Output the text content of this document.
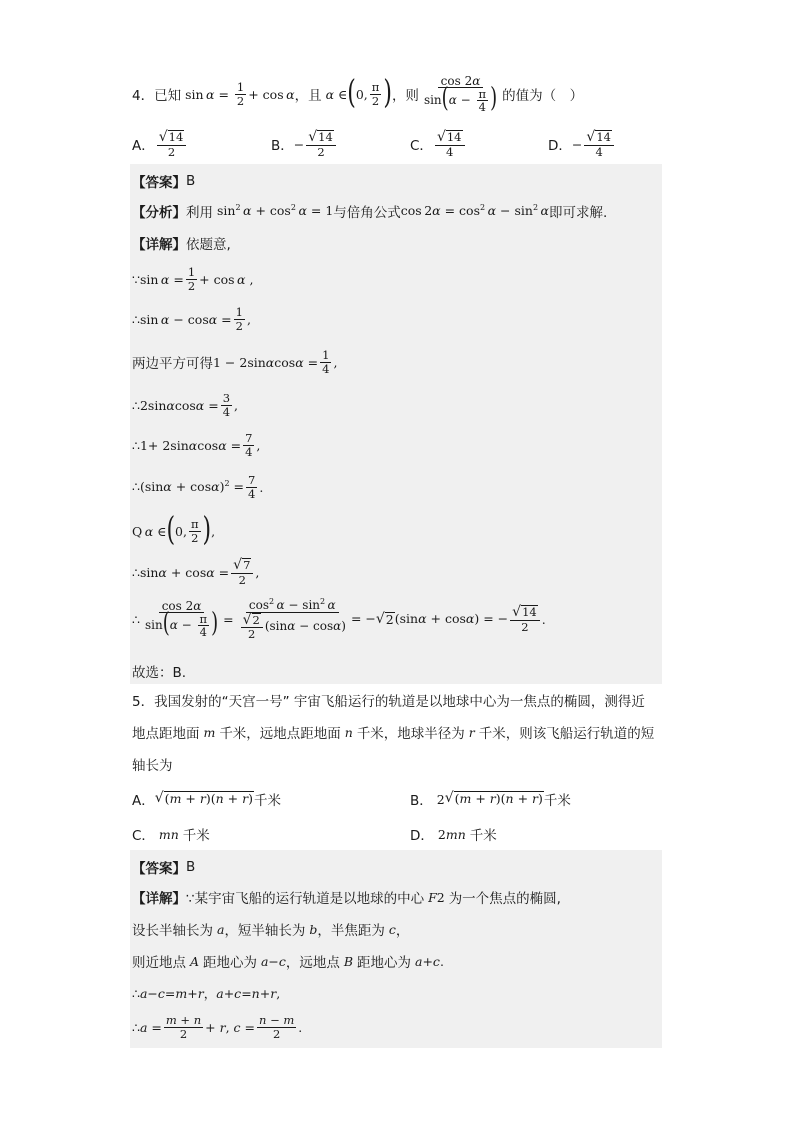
4． 已知 $\sin \alpha = \frac{1}{2} + \cos \alpha$ ，且 α ∈ ( 0, $\frac{\pi}{2}$ ) ，则 $\frac{\cos 2\alpha}{\sin(\alpha - \frac{\pi}{4} )}$ 的值为（　）
A． $\frac{√ 14}{2}$	B． − $\frac{√ 14}{2}$	C． $\frac{√ 14}{4}$	D． − $\frac{√ 14}{4}$
【答案】 B
【分析】 利用 $\sin^2 \alpha + \cos^2 \alpha = 1$ 与倍角公式 $\cos 2\alpha = \cos^2 \alpha - \sin^2 \alpha$ 即可求解.
【详解】 依题意,
∵sin $\alpha = \frac{1}{2} + \cos \alpha$ ,
∴sin $\alpha - \cos\alpha = \frac{1}{2}$ ,
两边平方可得 $1 - 2\sin\alpha\cos\alpha = \frac{1}{4}$ ,
∴2sinαcosα = $\frac{3}{4}$ ,
∴1+ $2\sin\alpha\cos\alpha = \frac{7}{4}$ ,
∴(sinα + $\cos\alpha)^2 = \frac{7}{4}$ .
Q α ∈ ( 0, $\frac{\pi}{2}$ ) ,
∴sinα + $\cos\alpha = \frac{√ 7}{2}$ ,
∴ $\frac{\cos 2\alpha}{\sin(\alpha - \frac{\pi}{4} )} = \frac{\cos^2 \alpha - \sin^2 \alpha}{\frac{√ 2}{2} (\sin\alpha - \cos\alpha)}$ = − √ 2 (sinα + cosα) = − $\frac{√ 14}{2}$ .
故选：B.
5． 我国发射的“天宫一号” 宇宙飞船运行的轨道是以地球中心为一焦点的椭圆，测得近
地点距地面 m 千米，远地点距地面 n 千米，地球半径为 r 千米，则该飞船运行轨道的短
轴长为
A． √ (m + r)(n + r) 千米	B． 2 √ (m + r)(n + r) 千米
C． mn 千米	D． 2mn 千米
【答案】 B
【详解】 ∵某宇宙飞船的运行轨道是以地球的中心 F 2 为一个焦点的椭圆,
设长半轴长为 a ，短半轴长为 b ，半焦距为 c ，
则近地点 A 距地心为 a−c ，远地点 B 距地心为 a+c .
∴a−c=m+r，a+c=n+r,
∴a = $\frac{m + n}{2} + r$, $c = \frac{n - m}{2}$ .
